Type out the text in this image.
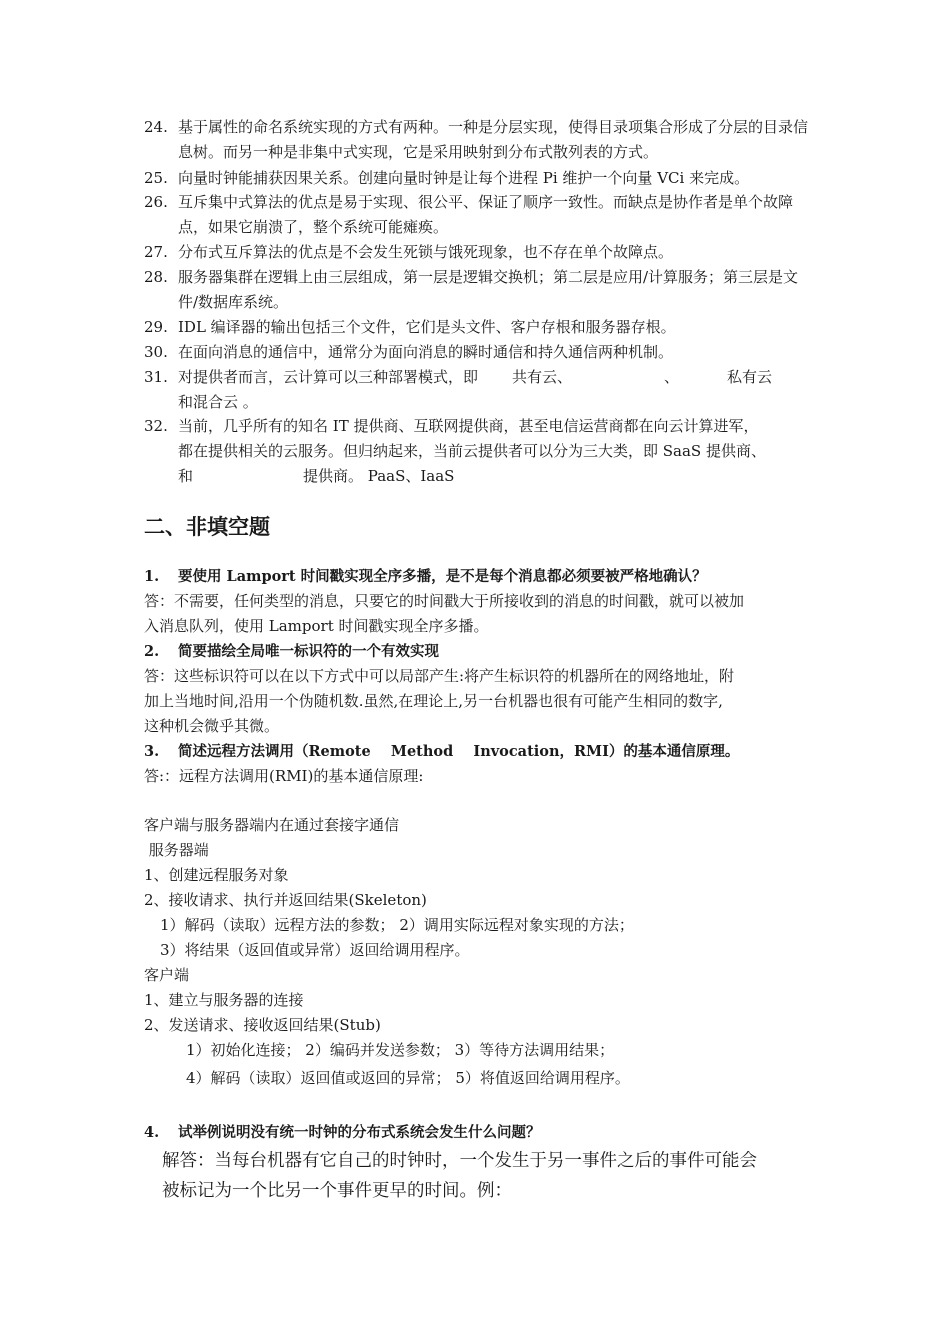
24. 基于属性的命名系统实现的方式有两种。一种是分层实现，使得目录项集合形成了分层的目录信息树。而另一种是非集中式实现，它是采用映射到分布式散列表的方式。
25. 向量时钟能捕获因果关系。创建向量时钟是让每个进程 Pi 维护一个向量 VCi 来完成。
26. 互斥集中式算法的优点是易于实现、很公平、保证了顺序一致性。而缺点是协作者是单个故障点，如果它崩溃了，整个系统可能瘫痪。
27. 分布式互斥算法的优点是不会发生死锁与饿死现象，也不存在单个故障点。
28. 服务器集群在逻辑上由三层组成，第一层是逻辑交换机；第二层是应用/计算服务；第三层是文件/数据库系统。
29. IDL 编译器的输出包括三个文件，它们是头文件、客户存根和服务器存根。
30. 在面向消息的通信中，通常分为面向消息的瞬时通信和持久通信两种机制。
31. 对提供者而言，云计算可以三种部署模式，即 共有云、	、	私有云
和混合云 。
32. 当前，几乎所有的知名 IT 提供商、互联网提供商，甚至电信运营商都在向云计算进军，
都在提供相关的云服务。但归纳起来，当前云提供者可以分为三大类，即 SaaS 提供商、
和	提供商。 PaaS、IaaS
二、非填空题
1. 要使用 Lamport 时间戳实现全序多播，是不是每个消息都必须要被严格地确认？
答：不需要，任何类型的消息，只要它的时间戳大于所接收到的消息的时间戳，就可以被加
入消息队列，使用 Lamport 时间戳实现全序多播。
2. 简要描绘全局唯一标识符的一个有效实现
答：这些标识符可以在以下方式中可以局部产生:将产生标识符的机器所在的网络地址，附
加上当地时间,沿用一个伪随机数.虽然,在理论上,另一台机器也很有可能产生相同的数字,
这种机会微乎其微。
3. 简述远程方法调用（Remote    Method    Invocation，RMI）的基本通信原理。
答:：远程方法调用(RMI)的基本通信原理:
客户端与服务器端内在通过套接字通信
服务器端
1、创建远程服务对象
2、接收请求、执行并返回结果(Skeleton)
1）解码（读取）远程方法的参数； 2）调用实际远程对象实现的方法；
3）将结果（返回值或异常）返回给调用程序。
客户端
1、建立与服务器的连接
2、发送请求、接收返回结果(Stub)
1）初始化连接； 2）编码并发送参数； 3）等待方法调用结果；
4）解码（读取）返回值或返回的异常； 5）将值返回给调用程序。
4. 试举例说明没有统一时钟的分布式系统会发生什么问题？
解答：当每台机器有它自己的时钟时，一个发生于另一事件之后的事件可能会
被标记为一个比另一个事件更早的时间。例：
